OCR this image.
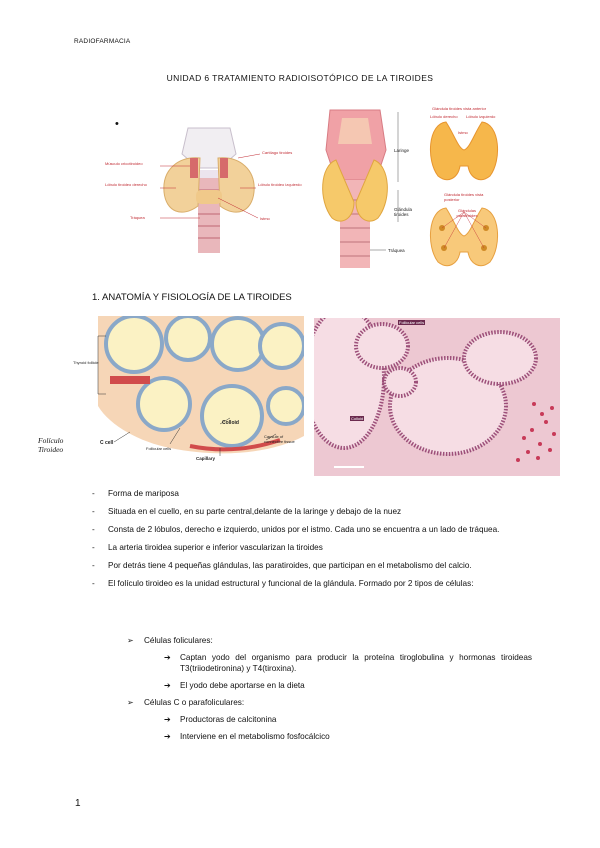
RADIOFARMACIA
UNIDAD 6 TRATAMIENTO RADIOISOTÓPICO DE LA TIROIDES
•
Músculo cricotiroideo
Cartílago tiroides
Lóbulo tiroideo derecho	Lóbulo tiroideo izquierdo
Tráquea	Istmo
Laringe
Glándula tiroides
Tráquea
Glándula tiroides vista anterior
Lóbulo derecho Lóbulo izquierdo
Istmo
Glándula tiroides vista posterior
Glándulas paratiroides
1. ANATOMÍA Y FISIOLOGÍA DE LA TIROIDES
Thyroid follicle
C cell
Follicular cells
Colloid
Capsule of connective tissue
Capillary
Follicular cells
Colloid
Folículo Tiroideo
- Forma de mariposa
- Situada en el cuello, en su parte central,delante de la laringe y debajo de la nuez
- Consta de 2 lóbulos, derecho e izquierdo, unidos por el istmo. Cada uno se encuentra a un lado de tráquea.
- La arteria tiroidea superior e inferior vascularizan la tiroides
- Por detrás tiene 4 pequeñas glándulas, las paratiroides, que participan en el metabolismo del calcio.
- El folículo tiroideo es la unidad estructural y funcional de la glándula. Formado por 2 tipos de células:
➢ Células foliculares:
➔ Captan yodo del organismo para producir la proteína tiroglobulina y hormonas tiroideas T3(triiodetironina) y T4(tiroxina).
➔ El yodo debe aportarse en la dieta
➢ Células C o parafoliculares:
➔ Productoras de calcitonina
➔ Interviene en el metabolismo fosfocálcico
1
